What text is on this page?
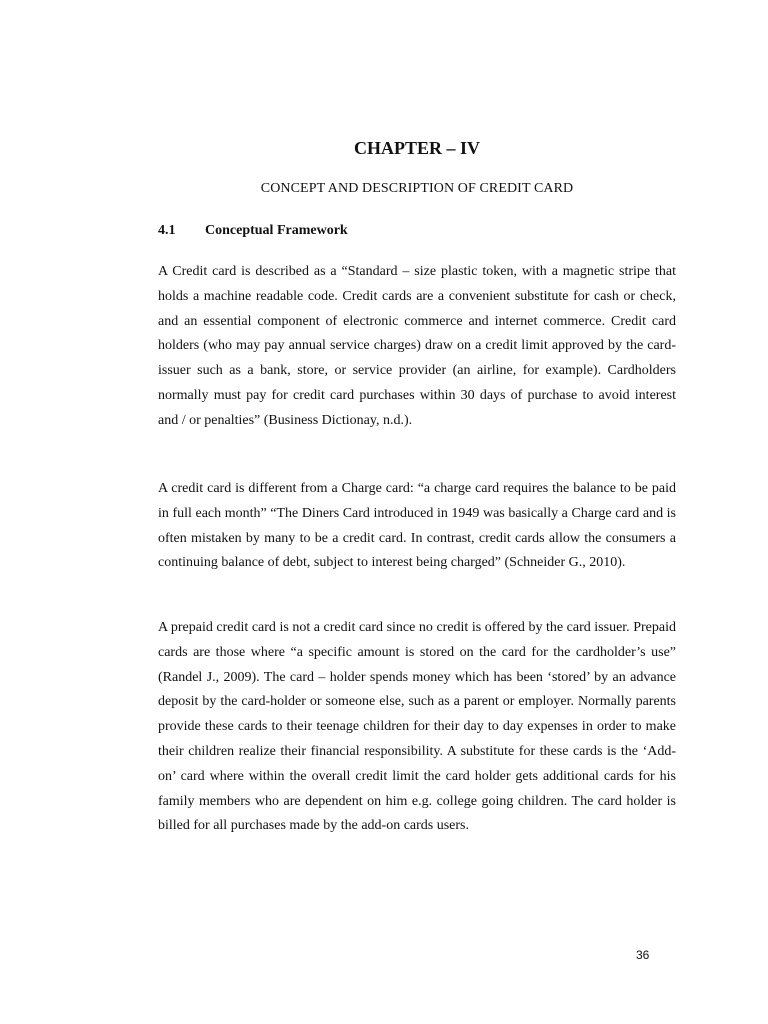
CHAPTER – IV

CONCEPT AND DESCRIPTION OF CREDIT CARD

4.1 Conceptual Framework

A Credit card is described as a “Standard – size plastic token, with a magnetic stripe that holds a machine readable code. Credit cards are a convenient substitute for cash or check, and an essential component of electronic commerce and internet commerce. Credit card holders (who may pay annual service charges) draw on a credit limit approved by the card-issuer such as a bank, store, or service provider (an airline, for example). Cardholders normally must pay for credit card purchases within 30 days of purchase to avoid interest and / or penalties” (Business Dictionay, n.d.).

A credit card is different from a Charge card: “a charge card requires the balance to be paid in full each month” “The Diners Card introduced in 1949 was basically a Charge card and is often mistaken by many to be a credit card. In contrast, credit cards allow the consumers a continuing balance of debt, subject to interest being charged” (Schneider G., 2010).

A prepaid credit card is not a credit card since no credit is offered by the card issuer. Prepaid cards are those where “a specific amount is stored on the card for the cardholder’s use” (Randel J., 2009). The card – holder spends money which has been ‘stored’ by an advance deposit by the card-holder or someone else, such as a parent or employer. Normally parents provide these cards to their teenage children for their day to day expenses in order to make their children realize their financial responsibility. A substitute for these cards is the ‘Add-on’ card where within the overall credit limit the card holder gets additional cards for his family members who are dependent on him e.g. college going children. The card holder is billed for all purchases made by the add-on cards users.

36
